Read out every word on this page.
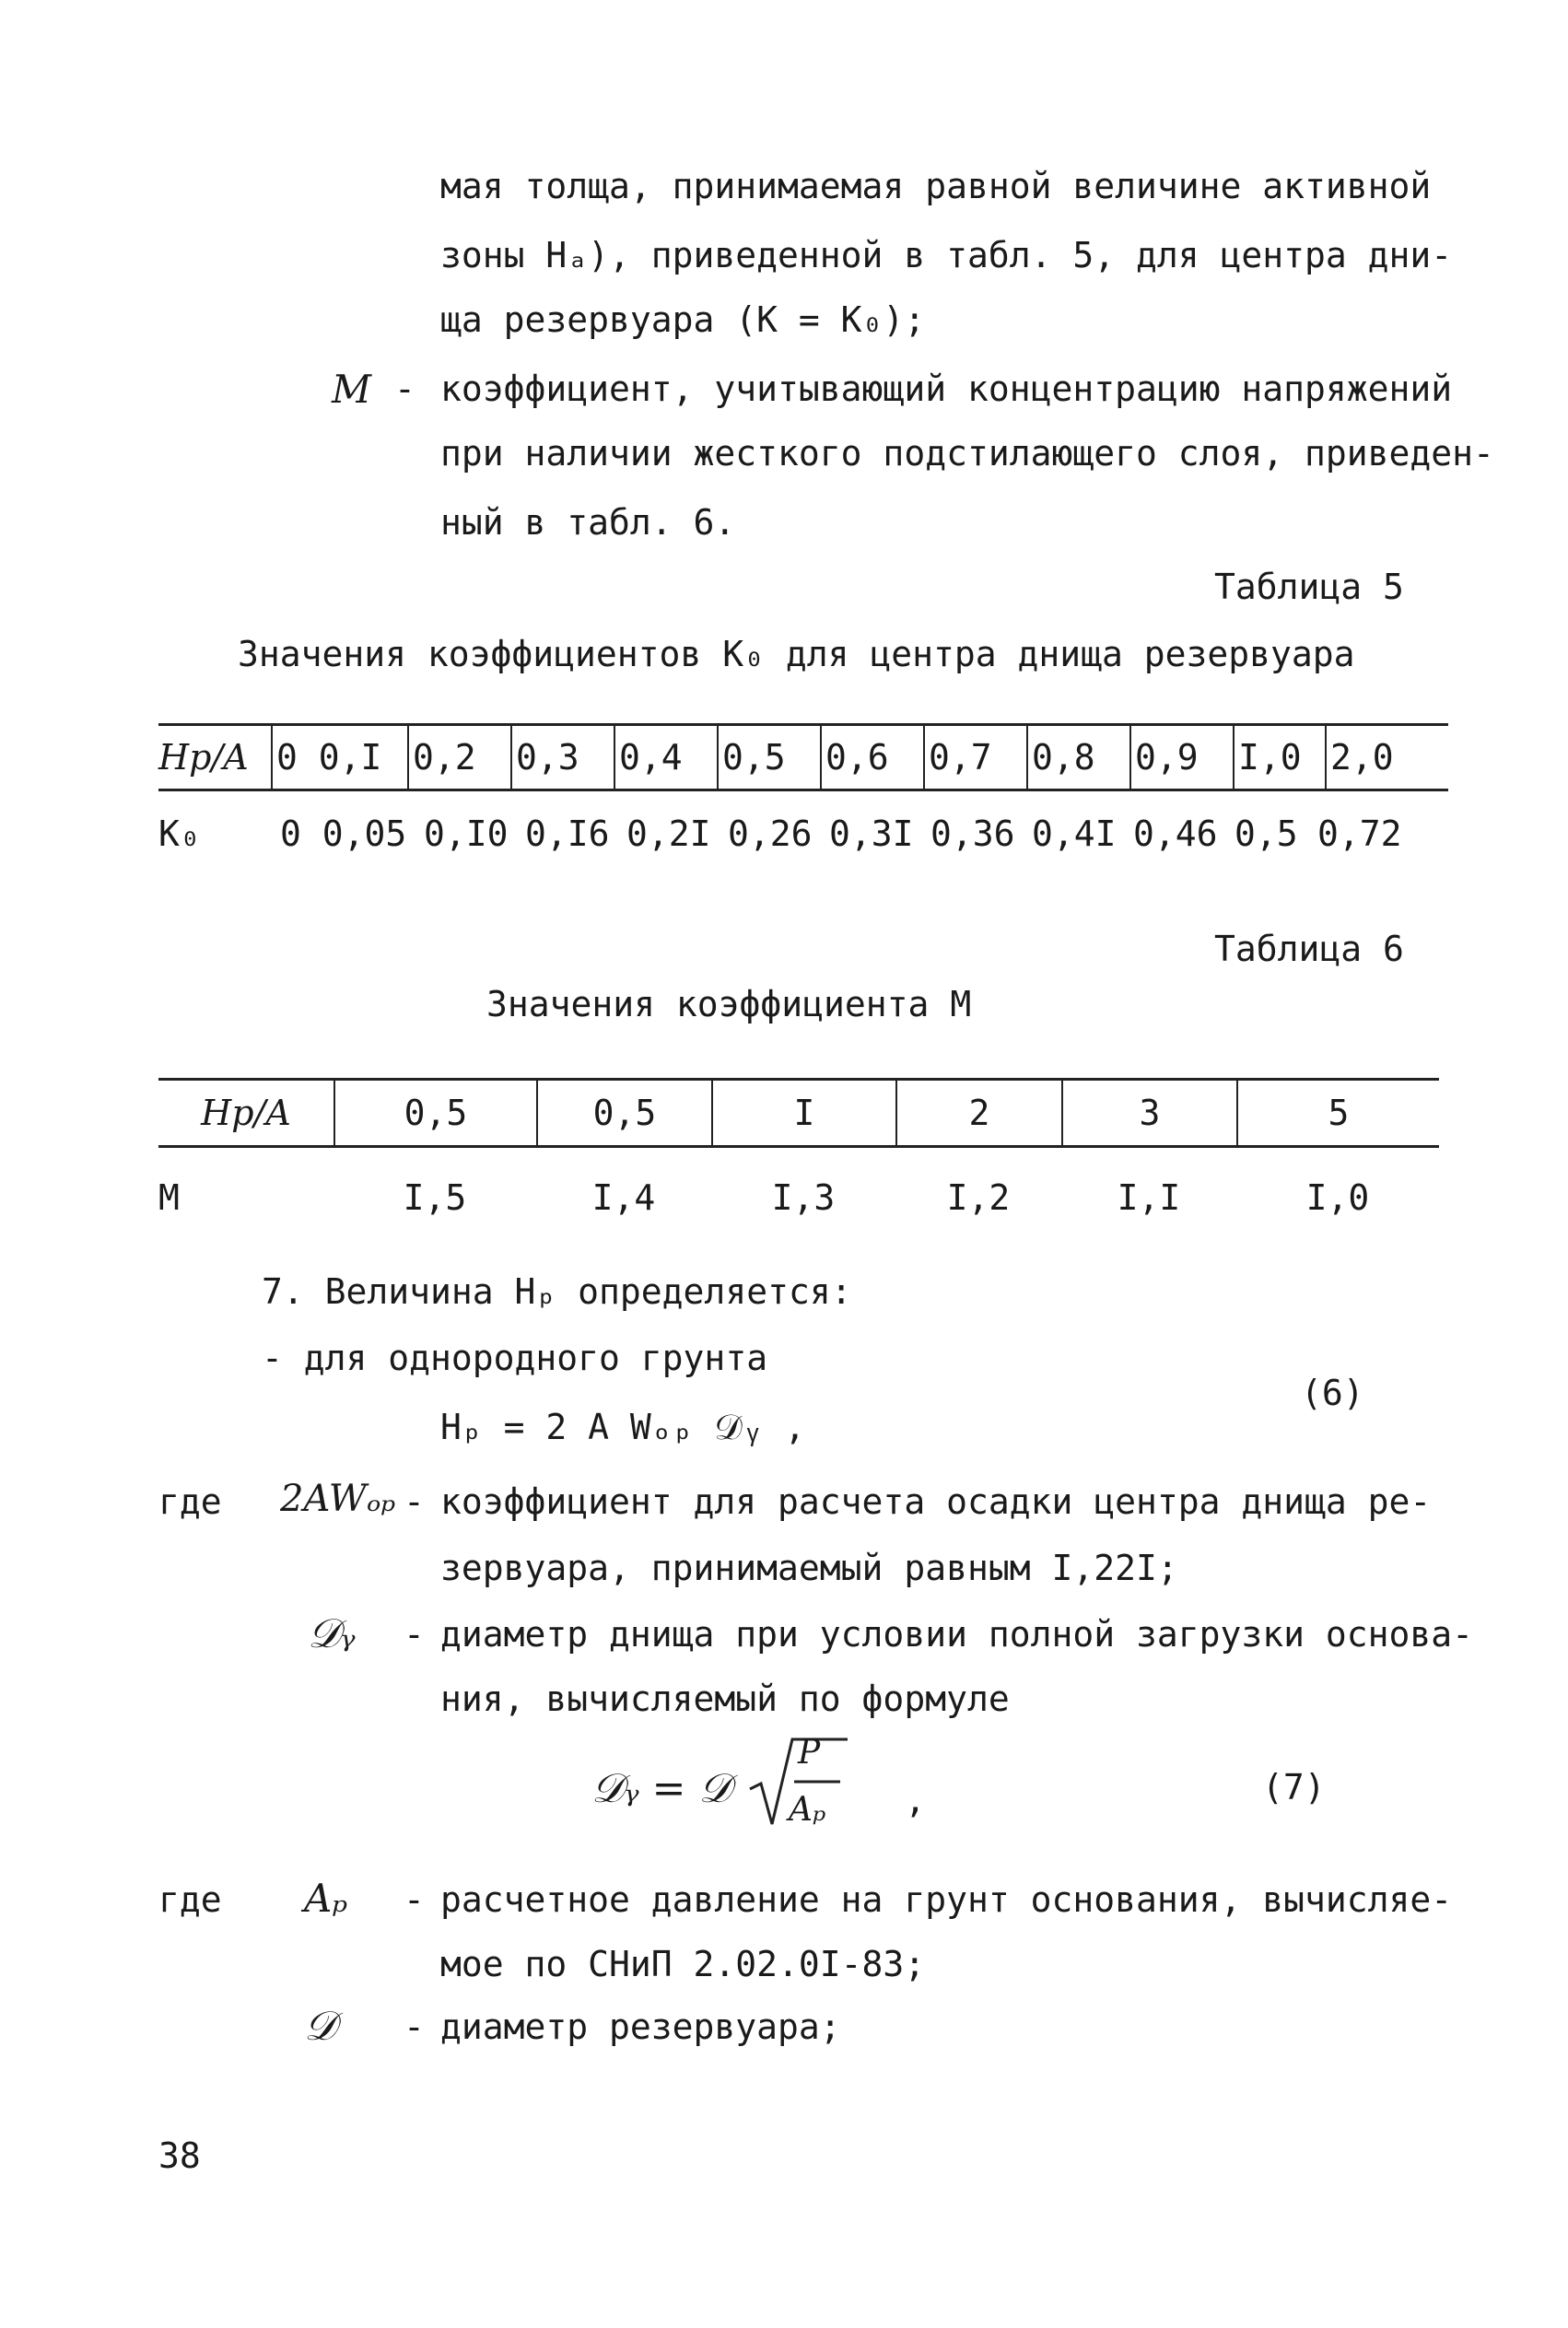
мая толща, принимаемая равной величине активной
зоны Hₐ), приведенной в табл. 5, для центра дни-
ща резервуара (K = K₀);
M - коэффициент, учитывающий концентрацию напряжений
при наличии жесткого подстилающего слоя, приведен-
ный в табл. 6.
Таблица 5
Значения коэффициентов K₀ для центра днища резервуара
Hp/A 0 0,I 0,2	0,3	0,4	0,5	0,6	0,7	0,8	0,9	I,0 2,0
K₀ 0 0,05 0,I0 0,I6 0,2I 0,26 0,3I 0,36 0,4I 0,46 0,5 0,72
Таблица 6
Значения коэффициента M
Hp/A	0,5	0,5	I	2	3	5
M	I,5	I,4	I,3	I,2	I,I	I,0
7. Величина Hₚ определяется:
- для однородного грунта
(6)
Hₚ = 2 A Wₒₚ 𝒟ᵧ ,
где 2AWₒₚ - коэффициент для расчета осадки центра днища ре-
зервуара, принимаемый равным I,22I;
𝒟ᵧ - диаметр днища при условии полной загрузки основа-
ния, вычисляемый по формуле
𝒟ᵧ = 𝒟
P
Aₚ ,	(7)
где Aₚ - расчетное давление на грунт основания, вычисляе-
мое по СНиП 2.02.0I-83;
𝒟 - диаметр резервуара;
38
